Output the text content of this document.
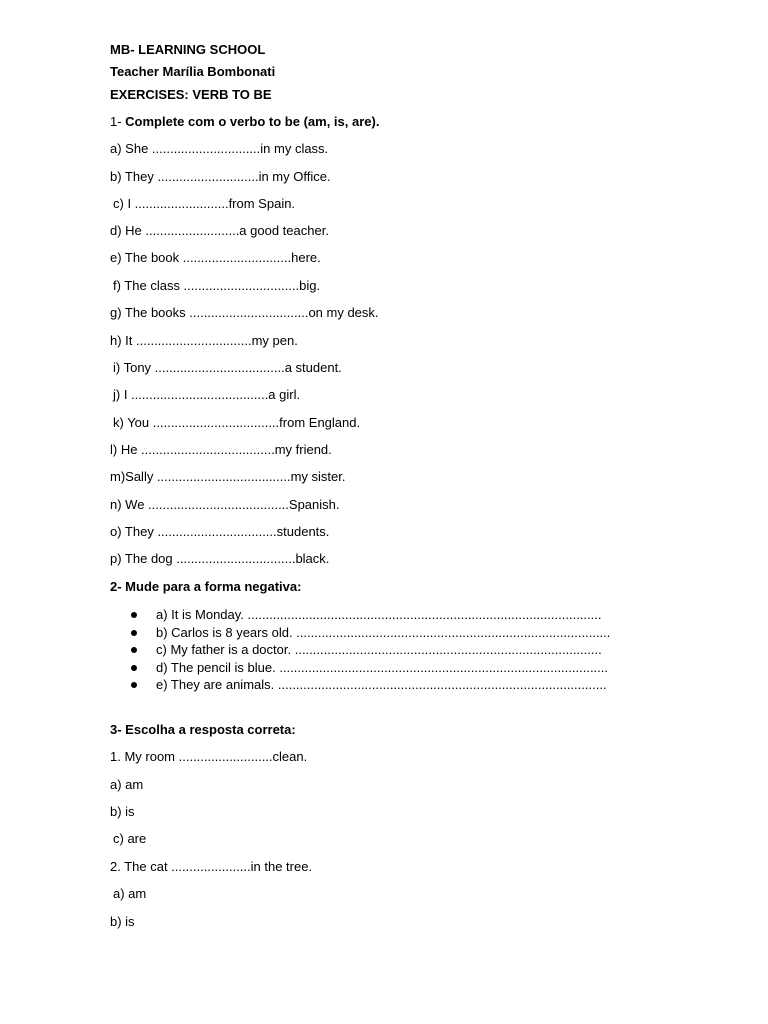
MB- LEARNING SCHOOL
Teacher Marília Bombonati
EXERCISES: VERB TO BE
1- Complete com o verbo to be (am, is, are).
a) She ..............................in my class.
b) They ............................in my Office.
c) I ..........................from Spain.
d) He ..........................a good teacher.
e) The book ..............................here.
f) The class ................................big.
g) The books .................................on my desk.
h) It ................................my pen.
i) Tony ....................................a student.
j) I ......................................a girl.
k) You ...................................from England.
l) He .....................................my friend.
m)Sally .....................................my sister.
n) We .......................................Spanish.
o) They .................................students.
p) The dog .................................black.
2- Mude para a forma negativa:
a) It is Monday. ..................................................................................................
b) Carlos is 8 years old. .......................................................................................
c) My father is a doctor. .....................................................................................
d) The pencil is blue. ...........................................................................................
e) They are animals. ...........................................................................................
3- Escolha a resposta correta:
1. My room ..........................clean.
a) am
b) is
c) are
2. The cat ......................in the tree.
a) am
b) is
